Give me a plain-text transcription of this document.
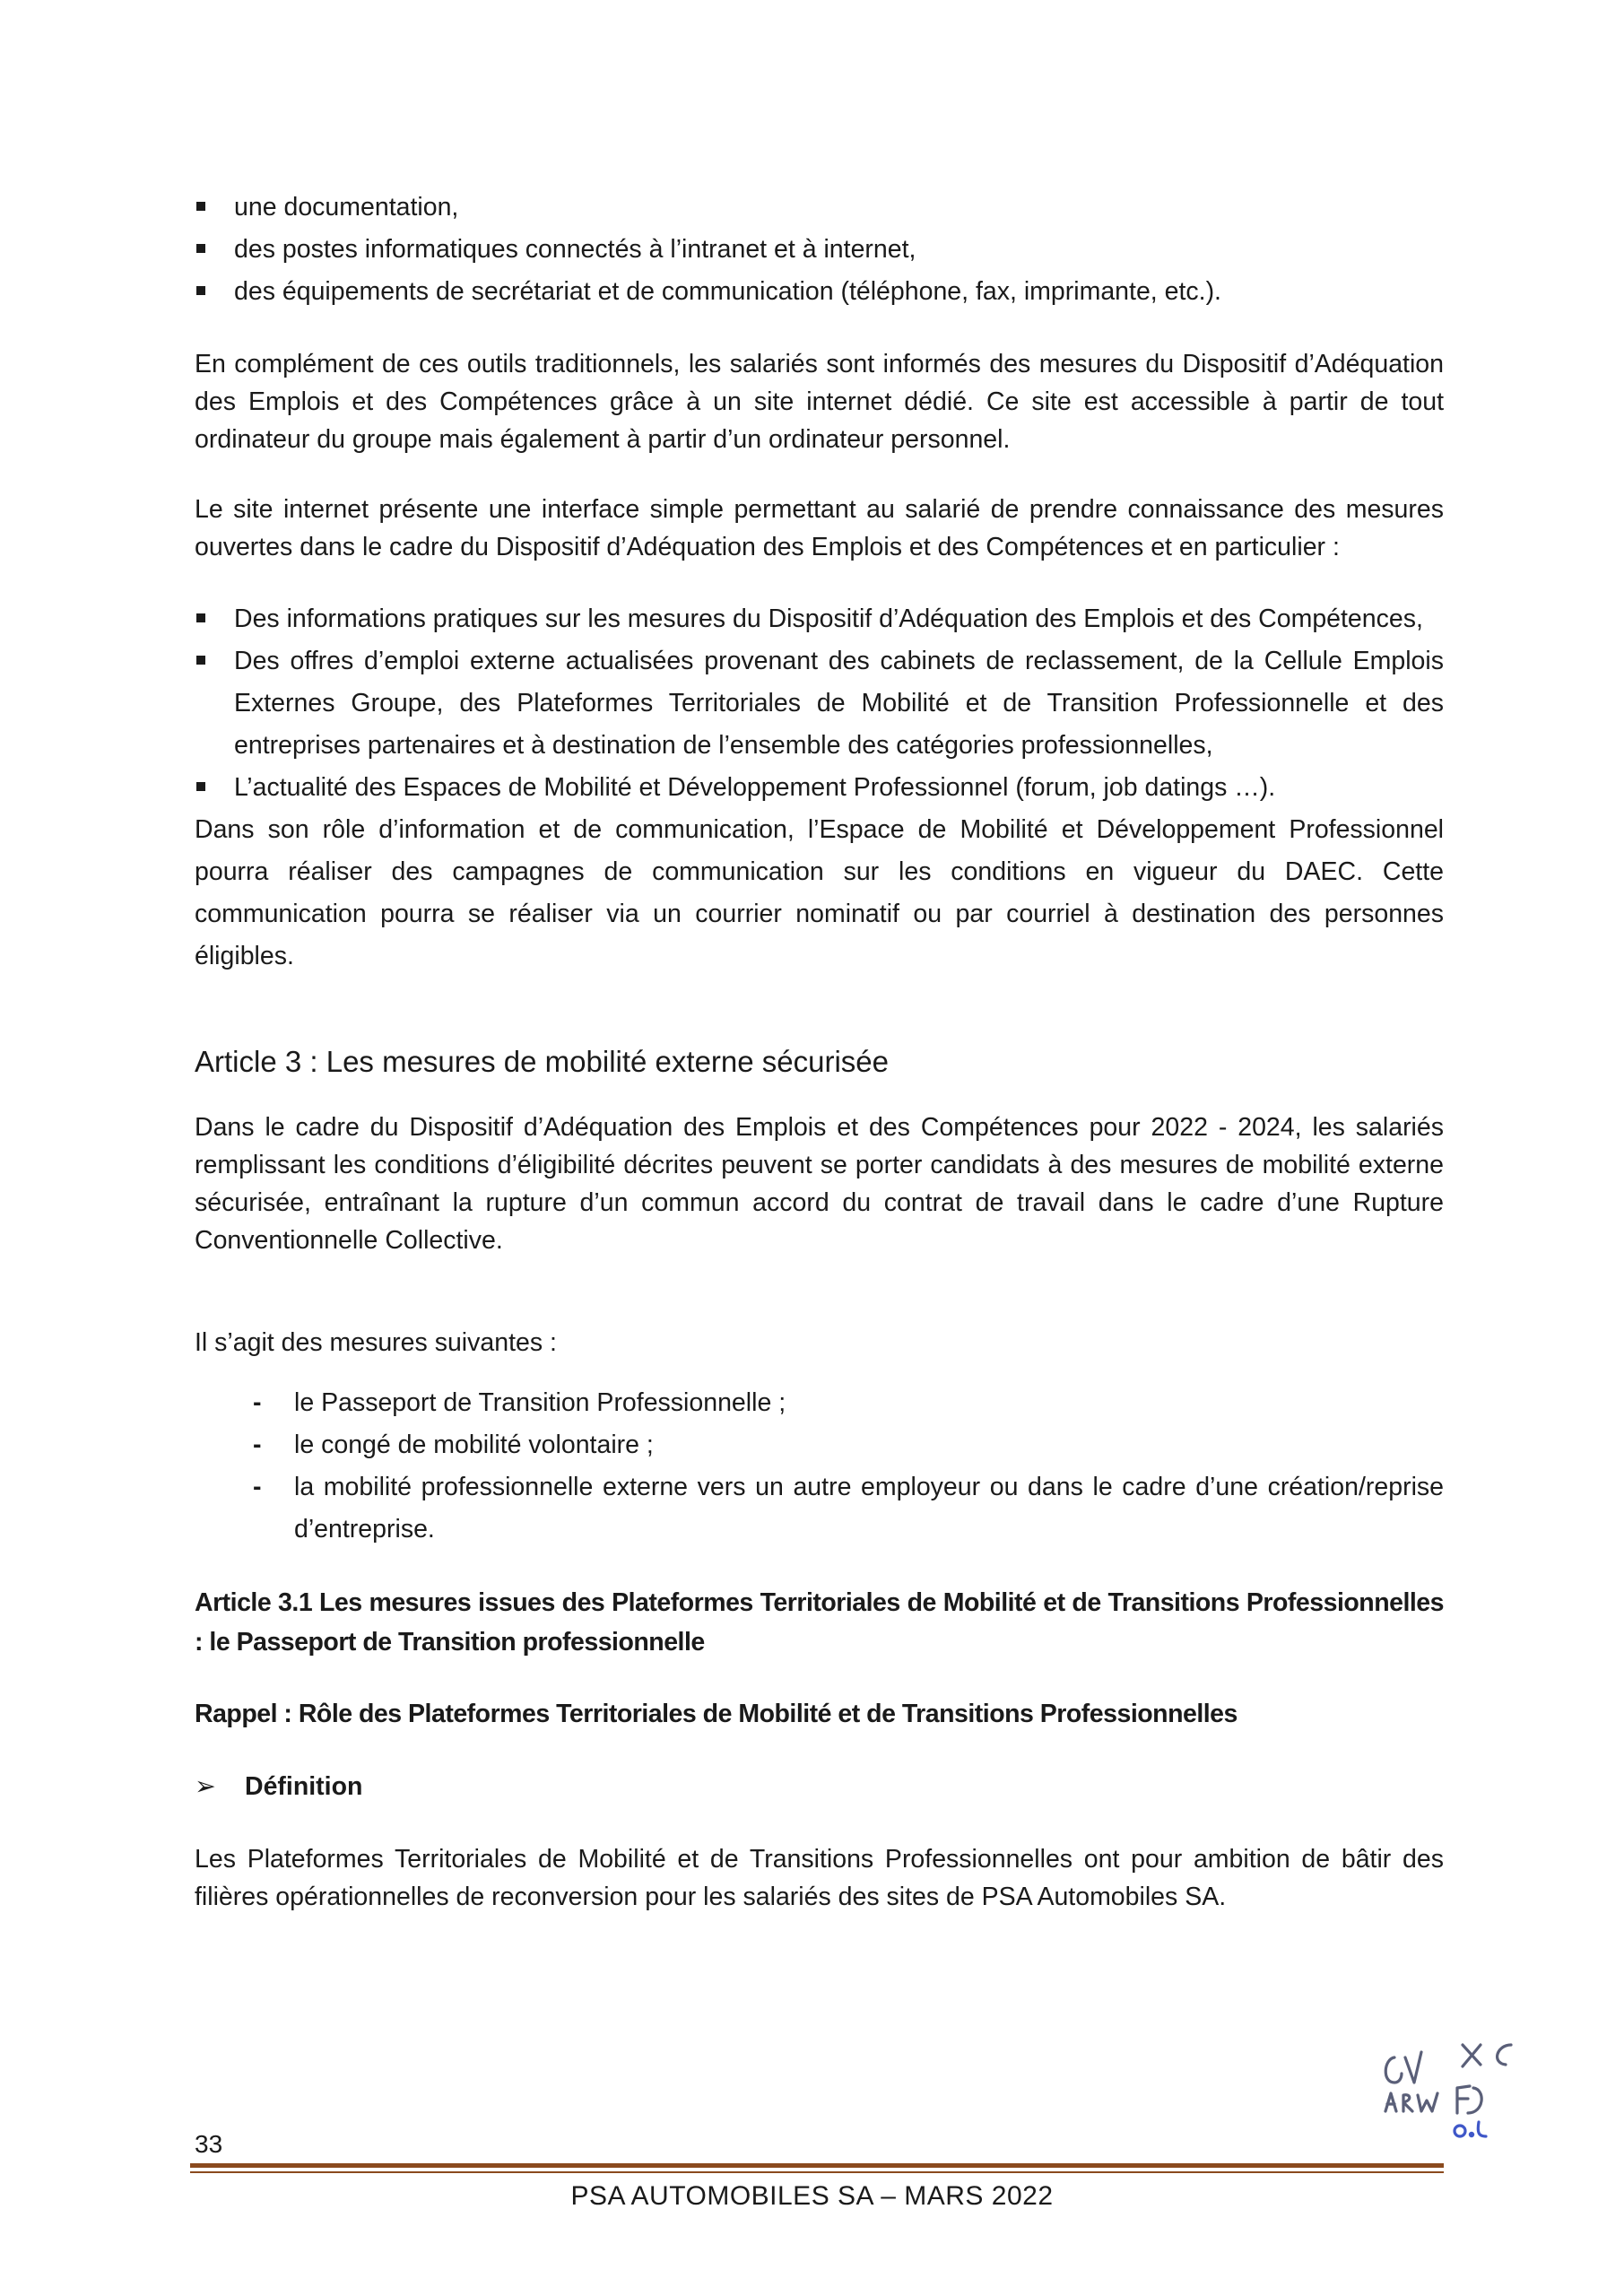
une documentation,
des postes informatiques connectés à l’intranet et à internet,
des équipements de secrétariat et de communication (téléphone, fax, imprimante, etc.).

En complément de ces outils traditionnels, les salariés sont informés des mesures du Dispositif d’Adéquation des Emplois et des Compétences grâce à un site internet dédié. Ce site est accessible à partir de tout ordinateur du groupe mais également à partir d’un ordinateur personnel.

Le site internet présente une interface simple permettant au salarié de prendre connaissance des mesures ouvertes dans le cadre du Dispositif d’Adéquation des Emplois et des Compétences et en particulier :

Des informations pratiques sur les mesures du Dispositif d’Adéquation des Emplois et des Compétences,
Des offres d’emploi externe actualisées provenant des cabinets de reclassement, de la Cellule Emplois Externes Groupe, des Plateformes Territoriales de Mobilité et de Transition Professionnelle et des entreprises partenaires et à destination de l’ensemble des catégories professionnelles,
L’actualité des Espaces de Mobilité et Développement Professionnel (forum, job datings …).

Dans son rôle d’information et de communication, l’Espace de Mobilité et Développement Professionnel pourra réaliser des campagnes de communication sur les conditions en vigueur du DAEC. Cette communication pourra se réaliser via un courrier nominatif ou par courriel à destination des personnes éligibles.

Article 3 : Les mesures de mobilité externe sécurisée

Dans le cadre du Dispositif d’Adéquation des Emplois et des Compétences pour 2022 - 2024, les salariés remplissant les conditions d’éligibilité décrites peuvent se porter candidats à des mesures de mobilité externe sécurisée, entraînant la rupture d’un commun accord du contrat de travail dans le cadre d’une Rupture Conventionnelle Collective.

Il s’agit des mesures suivantes :

- le Passeport de Transition Professionnelle ;
- le congé de mobilité volontaire ;
- la mobilité professionnelle externe vers un autre employeur ou dans le cadre d’une création/reprise d’entreprise.

Article 3.1 Les mesures issues des Plateformes Territoriales de Mobilité et de Transitions Professionnelles : le Passeport de Transition professionnelle

Rappel : Rôle des Plateformes Territoriales de Mobilité et de Transitions Professionnelles

➢ Définition

Les Plateformes Territoriales de Mobilité et de Transitions Professionnelles ont pour ambition de bâtir des filières opérationnelles de reconversion pour les salariés des sites de PSA Automobiles SA.

33
PSA AUTOMOBILES SA – MARS 2022
